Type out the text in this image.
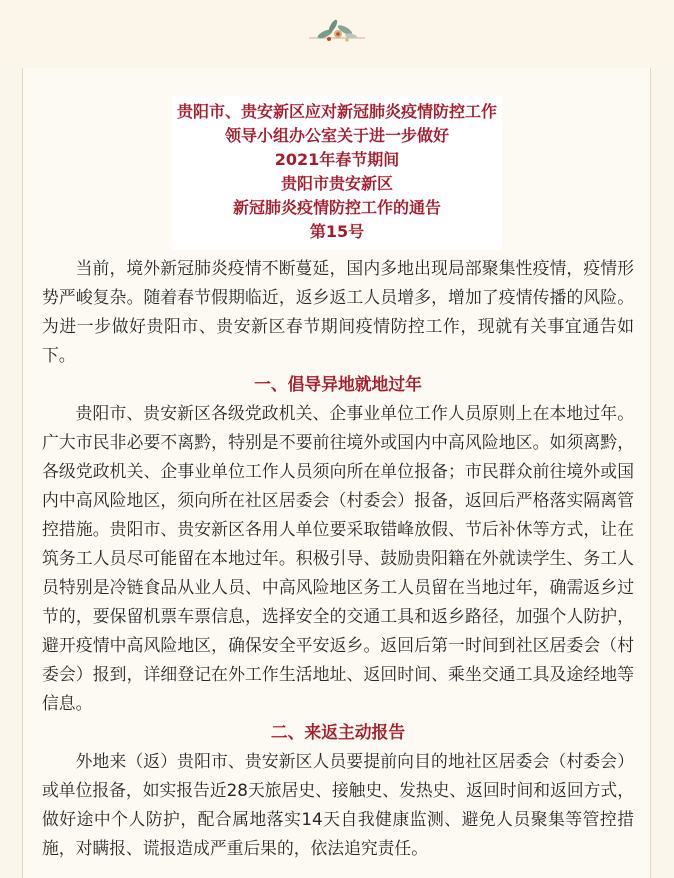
贵阳市、贵安新区应对新冠肺炎疫情防控工作
领导小组办公室关于进一步做好
2021年春节期间
贵阳市贵安新区
新冠肺炎疫情防控工作的通告
第15号

当前，境外新冠肺炎疫情不断蔓延，国内多地出现局部聚集性疫情，疫情形势严峻复杂。随着春节假期临近，返乡返工人员增多，增加了疫情传播的风险。为进一步做好贵阳市、贵安新区春节期间疫情防控工作，现就有关事宜通告如下。

一、倡导异地就地过年

贵阳市、贵安新区各级党政机关、企事业单位工作人员原则上在本地过年。广大市民非必要不离黔，特别是不要前往境外或国内中高风险地区。如须离黔，各级党政机关、企事业单位工作人员须向所在单位报备；市民群众前往境外或国内中高风险地区，须向所在社区居委会（村委会）报备，返回后严格落实隔离管控措施。贵阳市、贵安新区各用人单位要采取错峰放假、节后补休等方式，让在筑务工人员尽可能留在本地过年。积极引导、鼓励贵阳籍在外就读学生、务工人员特别是冷链食品从业人员、中高风险地区务工人员留在当地过年，确需返乡过节的，要保留机票车票信息，选择安全的交通工具和返乡路径，加强个人防护，避开疫情中高风险地区，确保安全平安返乡。返回后第一时间到社区居委会（村委会）报到，详细登记在外工作生活地址、返回时间、乘坐交通工具及途经地等信息。

二、来返主动报告

外地来（返）贵阳市、贵安新区人员要提前向目的地社区居委会（村委会）或单位报备，如实报告近28天旅居史、接触史、发热史、返回时间和返回方式，做好途中个人防护，配合属地落实14天自我健康监测、避免人员聚集等管控措施，对瞒报、谎报造成严重后果的，依法追究责任。
